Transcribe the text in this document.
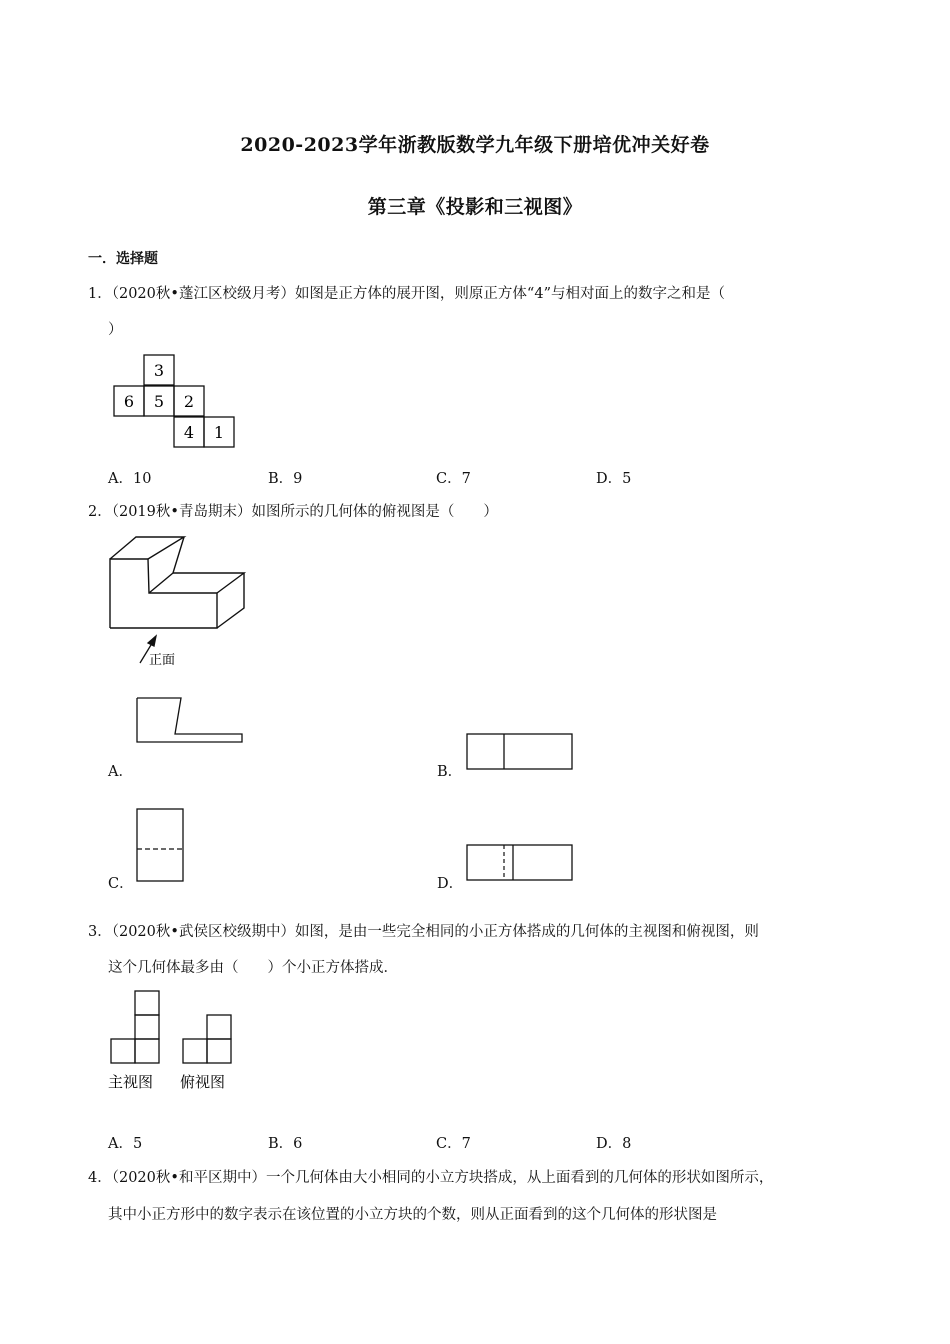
2020-2023学年浙教版数学九年级下册培优冲关好卷
第三章《投影和三视图》
一．选择题
1．（2020秋•蓬江区校级月考）如图是正方体的展开图，则原正方体“4”与相对面上的数字之和是（
）
3
6 5 2
4 1
A．10	B．9	C．7	D．5
2．（2019秋•青岛期末）如图所示的几何体的俯视图是（　　）
正面
A．	B．
C．	D．
3．（2020秋•武侯区校级期中）如图，是由一些完全相同的小正方体搭成的几何体的主视图和俯视图，则
这个几何体最多由（　　）个小正方体搭成．
主视图 俯视图
A．5	B．6	C．7	D．8
4．（2020秋•和平区期中）一个几何体由大小相同的小立方块搭成，从上面看到的几何体的形状如图所示，
其中小正方形中的数字表示在该位置的小立方块的个数，则从正面看到的这个几何体的形状图是
